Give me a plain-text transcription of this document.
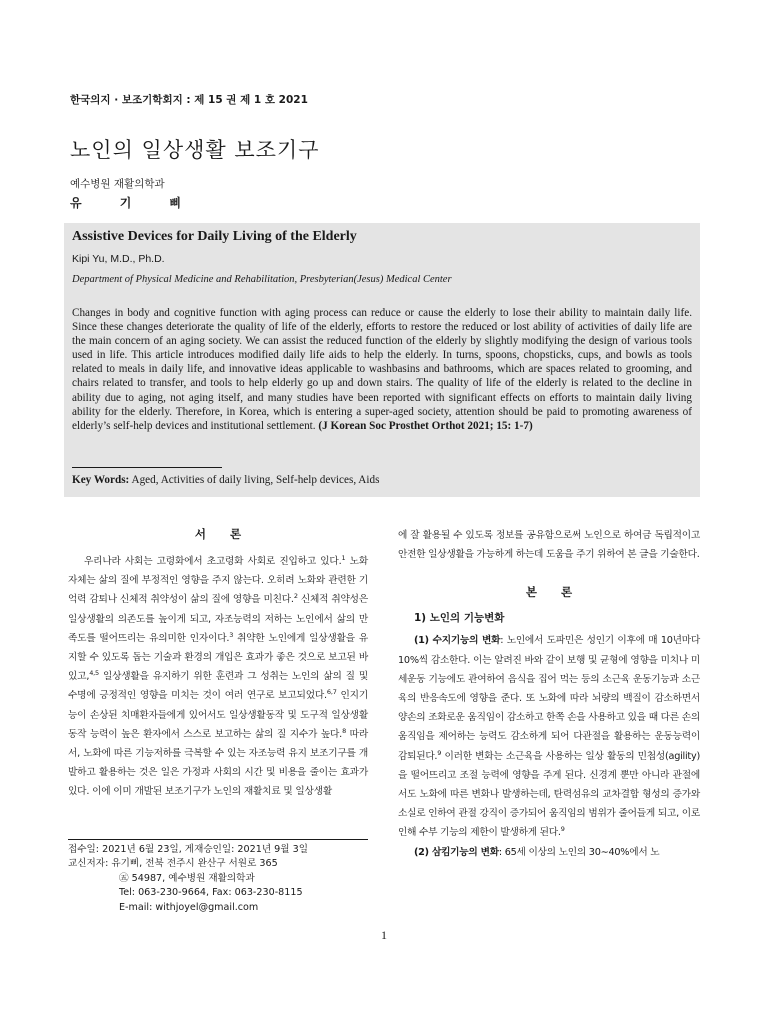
한국의지 · 보조기학회지 : 제 15 권 제 1 호 2021
노인의 일상생활 보조기구
예수병원 재활의학과
유 기 삐
Assistive Devices for Daily Living of the Elderly
Kipi Yu, M.D., Ph.D.
Department of Physical Medicine and Rehabilitation, Presbyterian(Jesus) Medical Center

Changes in body and cognitive function with aging process can reduce or cause the elderly to lose their ability to maintain daily life. Since these changes deteriorate the quality of life of the elderly, efforts to restore the reduced or lost ability of activities of daily life are the main concern of an aging society. We can assist the reduced function of the elderly by slightly modifying the design of various tools used in life. This article introduces modified daily life aids to help the elderly. In turns, spoons, chopsticks, cups, and bowls as tools related to meals in daily life, and innovative ideas applicable to washbasins and bathrooms, which are spaces related to grooming, and chairs related to transfer, and tools to help elderly go up and down stairs. The quality of life of the elderly is related to the decline in ability due to aging, not aging itself, and many studies have been reported with significant effects on efforts to maintain daily living ability for the elderly. Therefore, in Korea, which is entering a super-aged society, attention should be paid to promoting awareness of elderly’s self-help devices and institutional settlement. (J Korean Soc Prosthet Orthot 2021; 15: 1-7)

Key Words: Aged, Activities of daily living, Self-help devices, Aids
서 론

우리나라 사회는 고령화에서 초고령화 사회로 진입하고 있다.$^1$ 노화 자체는 삶의 질에 부정적인 영향을 주지 않는다. 오히려 노화와 관련한 기억력 감퇴나 신체적 취약성이 삶의 질에 영향을 미친다.$^2$ 신체적 취약성은 일상생활의 의존도를 높이게 되고, 자조능력의 저하는 노인에서 삶의 만족도를 떨어뜨리는 유의미한 인자이다.$^3$ 취약한 노인에게 일상생활을 유지할 수 있도록 돕는 기술과 환경의 개입은 효과가 좋은 것으로 보고된 바 있고,$^{4,5}$ 일상생활을 유지하기 위한 훈련과 그 성취는 노인의 삶의 질 및 수명에 긍정적인 영향을 미치는 것이 여러 연구로 보고되었다.$^{6,7}$ 인지기능이 손상된 치매환자들에게 있어서도 일상생활동작 및 도구적 일상생활동작 능력이 높은 환자에서 스스로 보고하는 삶의 질 지수가 높다.$^8$ 따라서, 노화에 따른 기능저하를 극복할 수 있는 자조능력 유지 보조기구를 개발하고 활용하는 것은 일은 가정과 사회의 시간 및 비용을 줄이는 효과가 있다. 이에 이미 개발된 보조기구가 노인의 재활치료 및 일상생활

접수일: 2021년 6월 23일, 게재승인일: 2021년 9월 3일
교신저자: 유기삐, 전북 전주시 완산구 서원로 365
㊄ 54987, 예수병원 재활의학과
Tel: 063-230-9664, Fax: 063-230-8115
E-mail: withjoyel@gmail.com

에 잘 활용될 수 있도록 정보를 공유함으로써 노인으로 하여금 독립적이고 안전한 일상생활을 가능하게 하는데 도움을 주기 위하여 본 글을 기술한다.

본 론
1) 노인의 기능변화

(1) 수지기능의 변화: 노인에서 도파민은 성인기 이후에 매 10년마다 10%씩 감소한다. 이는 알려진 바와 같이 보행 및 균형에 영향을 미치나 미세운동 기능에도 관여하여 음식을 집어 먹는 등의 소근육 운동기능과 소근육의 반응속도에 영향을 준다. 또 노화에 따라 뇌량의 백질이 감소하면서 양손의 조화로운 움직임이 감소하고 한쪽 손을 사용하고 있을 때 다른 손의 움직임을 제어하는 능력도 감소하게 되어 다관절을 활용하는 운동능력이 감퇴된다.$^9$ 이러한 변화는 소근육을 사용하는 일상 활동의 민첩성(agility)을 떨어뜨리고 조절 능력에 영향을 주게 된다. 신경계 뿐만 아니라 관절에서도 노화에 따른 변화나 발생하는데, 탄력섬유의 교차결합 형성의 증가와 소실로 인하여 관절 강직이 증가되어 움직임의 범위가 줄어들게 되고, 이로 인해 수부 기능의 제한이 발생하게 된다.$^9$

(2) 삼킴기능의 변화: 65세 이상의 노인의 30∼40%에서 노

1
